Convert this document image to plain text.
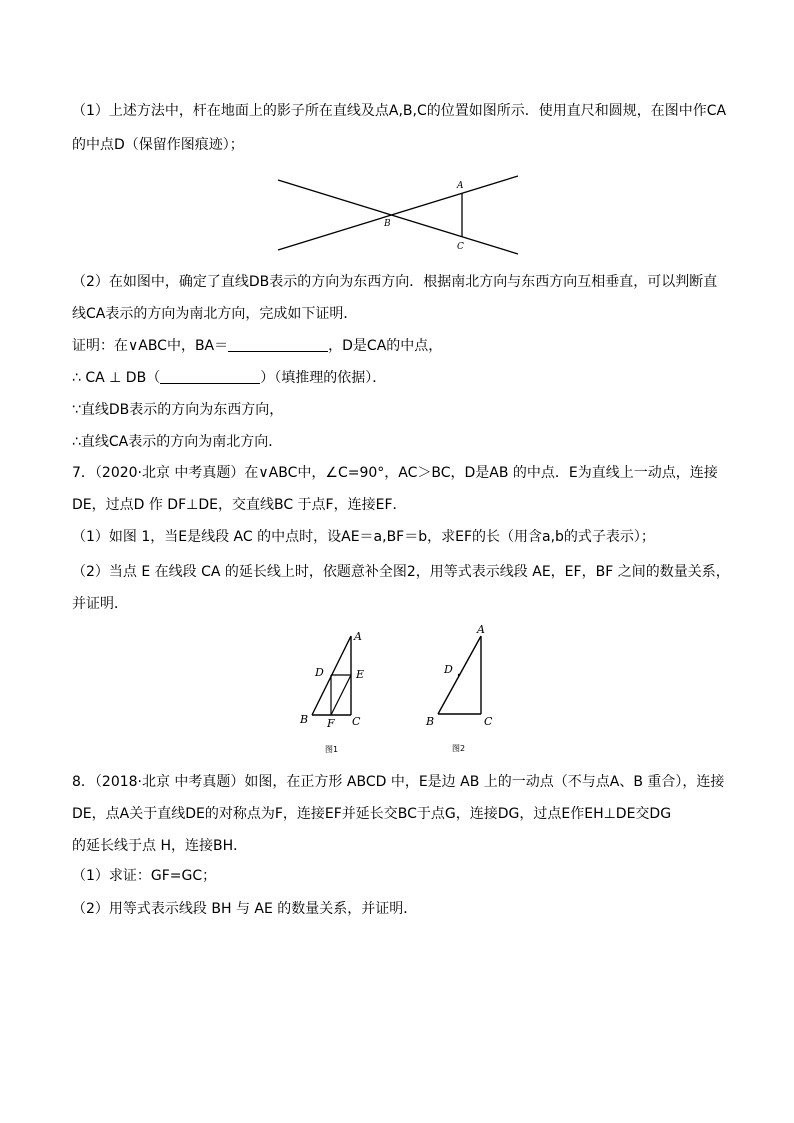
（1）上述方法中，杆在地面上的影子所在直线及点A,B,C的位置如图所示．使用直尺和圆规，在图中作CA
的中点D（保留作图痕迹）；
A
B
C
（2）在如图中，确定了直线DB表示的方向为东西方向．根据南北方向与东西方向互相垂直，可以判断直
线CA表示的方向为南北方向，完成如下证明．
证明：在∨ABC中，BA＝	，D是CA的中点，
∴ CA ⊥ DB（	）（填推理的依据）．
∵直线DB表示的方向为东西方向，
∴直线CA表示的方向为南北方向．
7．（2020·北京 中考真题）在∨ABC中，∠C=90°，AC＞BC，D是AB 的中点．E为直线上一动点，连接
DE，过点D 作 DF⊥DE，交直线BC 于点F，连接EF．
（1）如图 1，当E是线段 AC 的中点时，设AE＝a,BF＝b，求EF的长（用含a,b的式子表示）；
（2）当点 E 在线段 CA 的延长线上时，依题意补全图2，用等式表示线段 AE，EF，BF 之间的数量关系，
并证明．
A
D	E
B F C
图1
A
D
B	C
图2
8．（2018·北京 中考真题）如图，在正方形 ABCD 中，E是边 AB 上的一动点（不与点A、B 重合），连接
DE，点A关于直线DE的对称点为F，连接EF并延长交BC于点G，连接DG，过点E作EH⊥DE交DG
的延长线于点 H，连接BH．
（1）求证：GF=GC；
（2）用等式表示线段 BH 与 AE 的数量关系，并证明．
